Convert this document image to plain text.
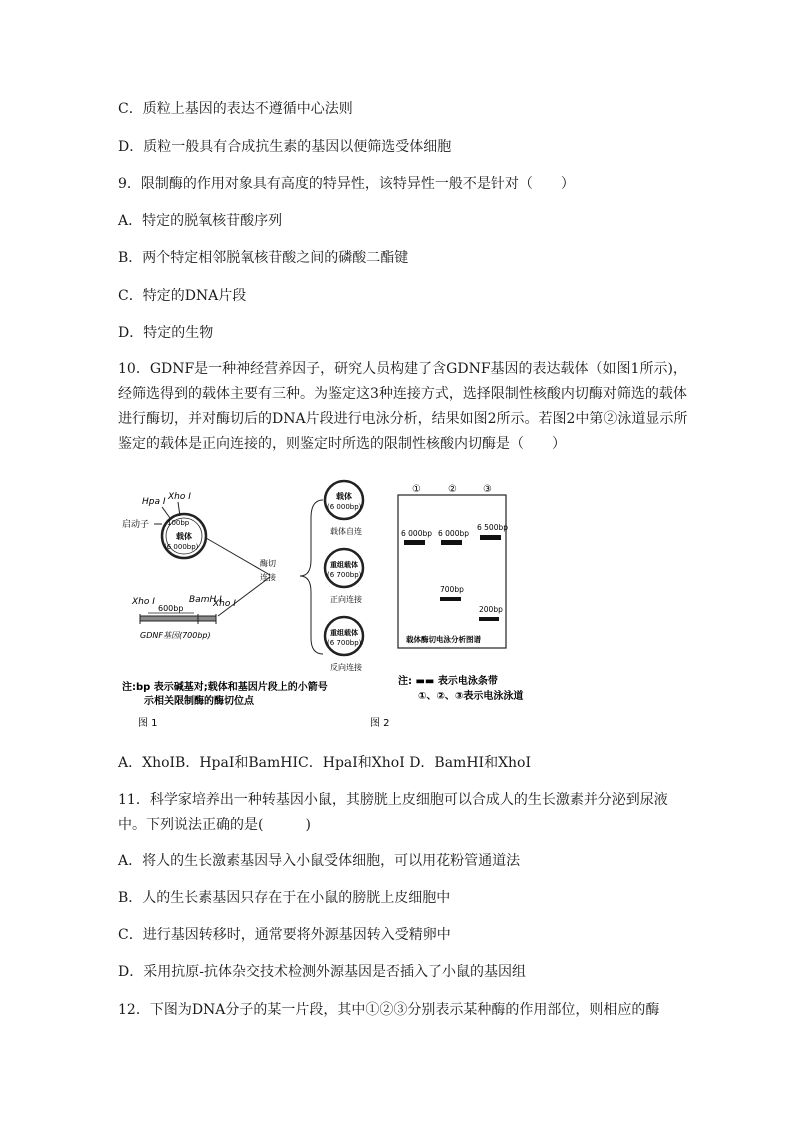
C．质粒上基因的表达不遵循中心法则
D．质粒一般具有合成抗生素的基因以便筛选受体细胞
9．限制酶的作用对象具有高度的特异性，该特异性一般不是针对（　　）
A．特定的脱氧核苷酸序列
B．两个特定相邻脱氧核苷酸之间的磷酸二酯键
C．特定的DNA片段
D．特定的生物
10．GDNF是一种神经营养因子，研究人员构建了含GDNF基因的表达载体（如图1所示)，经筛选得到的载体主要有三种。为鉴定这3种连接方式，选择限制性核酸内切酶对筛选的载体进行酶切，并对酶切后的DNA片段进行电泳分析，结果如图2所示。若图2中第②泳道显示所鉴定的载体是正向连接的，则鉴定时所选的限制性核酸内切酶是（　　）
Hpa I Xho I
启动子	100bp
载体
(6 000bp)
Xho I	BamH I
Xho I
600bp
GDNF基因(700bp)
酶切
连接
载体
(6 000bp)
载体自连
重组载体
(6 700bp)
正向连接
重组载体
(6 700bp)
反向连接
①	②	③
6 000bp 6 000bp
6 500bp
700bp
200bp
载体酶切电泳分析图谱
注:bp 表示碱基对;载体和基因片段上的小箭号
示相关限制酶的酶切位点
注: ▬▬ 表示电泳条带
①、②、③表示电泳泳道
图 1	图 2
A．XhoIB．HpaI和BamHIC．HpaI和XhoI D．BamHI和XhoI
11．科学家培养出一种转基因小鼠，其膀胱上皮细胞可以合成人的生长激素并分泌到尿液中。下列说法正确的是(　　　)
A．将人的生长激素基因导入小鼠受体细胞，可以用花粉管通道法
B．人的生长素基因只存在于在小鼠的膀胱上皮细胞中
C．进行基因转移时，通常要将外源基因转入受精卵中
D．采用抗原-抗体杂交技术检测外源基因是否插入了小鼠的基因组
12．下图为DNA分子的某一片段，其中①②③分别表示某种酶的作用部位，则相应的酶
